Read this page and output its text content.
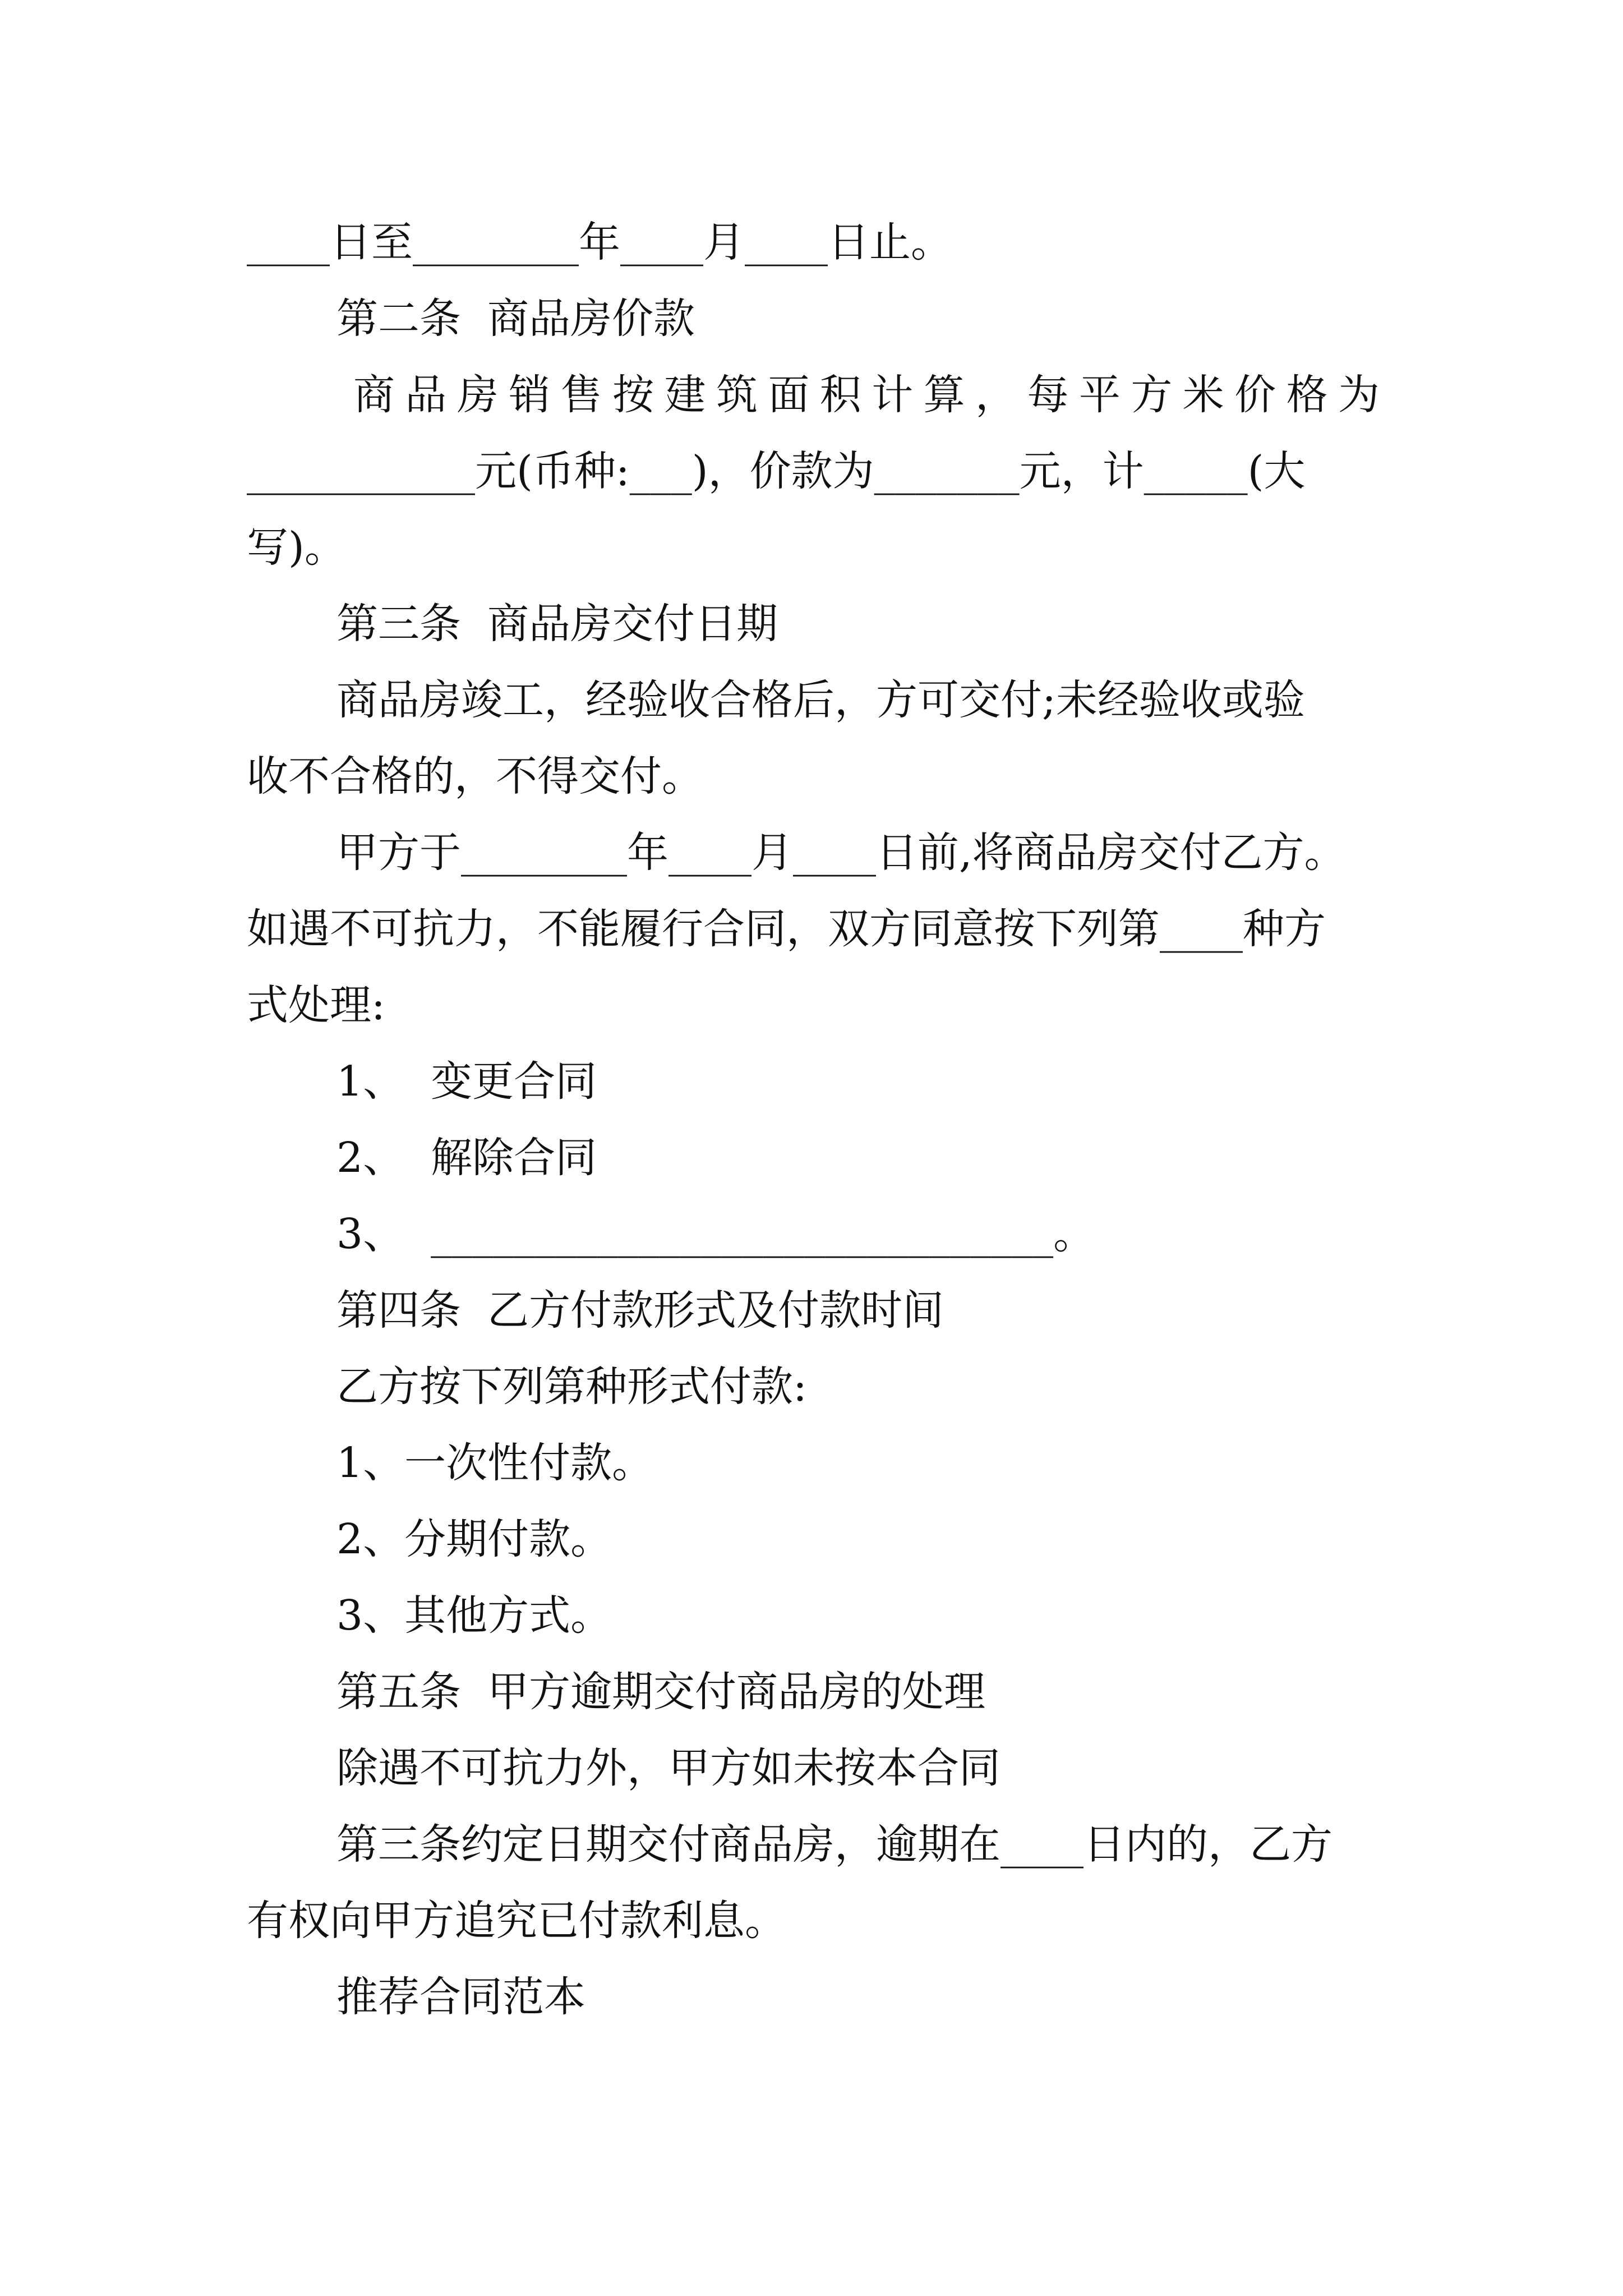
____日至________年____月____日止。

第二条  商品房价款

商品房销售按建筑面积计算，每平方米价格为

___________元(币种:___)，价款为_______元，计_____(大

写)。

第三条  商品房交付日期

商品房竣工，经验收合格后，方可交付;未经验收或验

收不合格的，不得交付。

甲方于________年____月____日前,将商品房交付乙方。

如遇不可抗力，不能履行合同，双方同意按下列第____种方

式处理:

1、  变更合同

2、  解除合同

3、  ______________________________。

第四条  乙方付款形式及付款时间

乙方按下列第种形式付款:

1、一次性付款。

2、分期付款。

3、其他方式。

第五条  甲方逾期交付商品房的处理

除遇不可抗力外，甲方如未按本合同

第三条约定日期交付商品房，逾期在____日内的，乙方

有权向甲方追究已付款利息。

推荐合同范本
